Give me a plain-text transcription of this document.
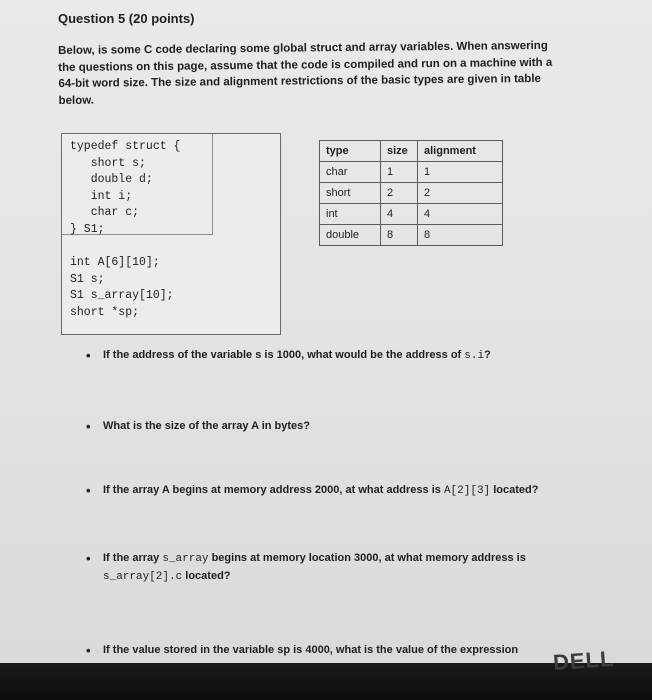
Question 5 (20 points)
Below, is some C code declaring some global struct and array variables. When answering the questions on this page, assume that the code is compiled and run on a machine with a 64-bit word size. The size and alignment restrictions of the basic types are given in table below.
typedef struct {
short s;
double d;
int i;
char c;
} S1;
int A[6][10];
S1 s;
S1 s_array[10];
short *sp;
type	size	alignment
char	1	1
short	2	2
int	4	4
double	8	8
• If the address of the variable s is 1000, what would be the address of s.i?
• What is the size of the array A in bytes?
• If the array A begins at memory address 2000, at what address is A[2][3] located?
• If the array s_array begins at memory location 3000, at what memory address is
s_array[2].c located?
• If the value stored in the variable sp is 4000, what is the value of the expression DELL
